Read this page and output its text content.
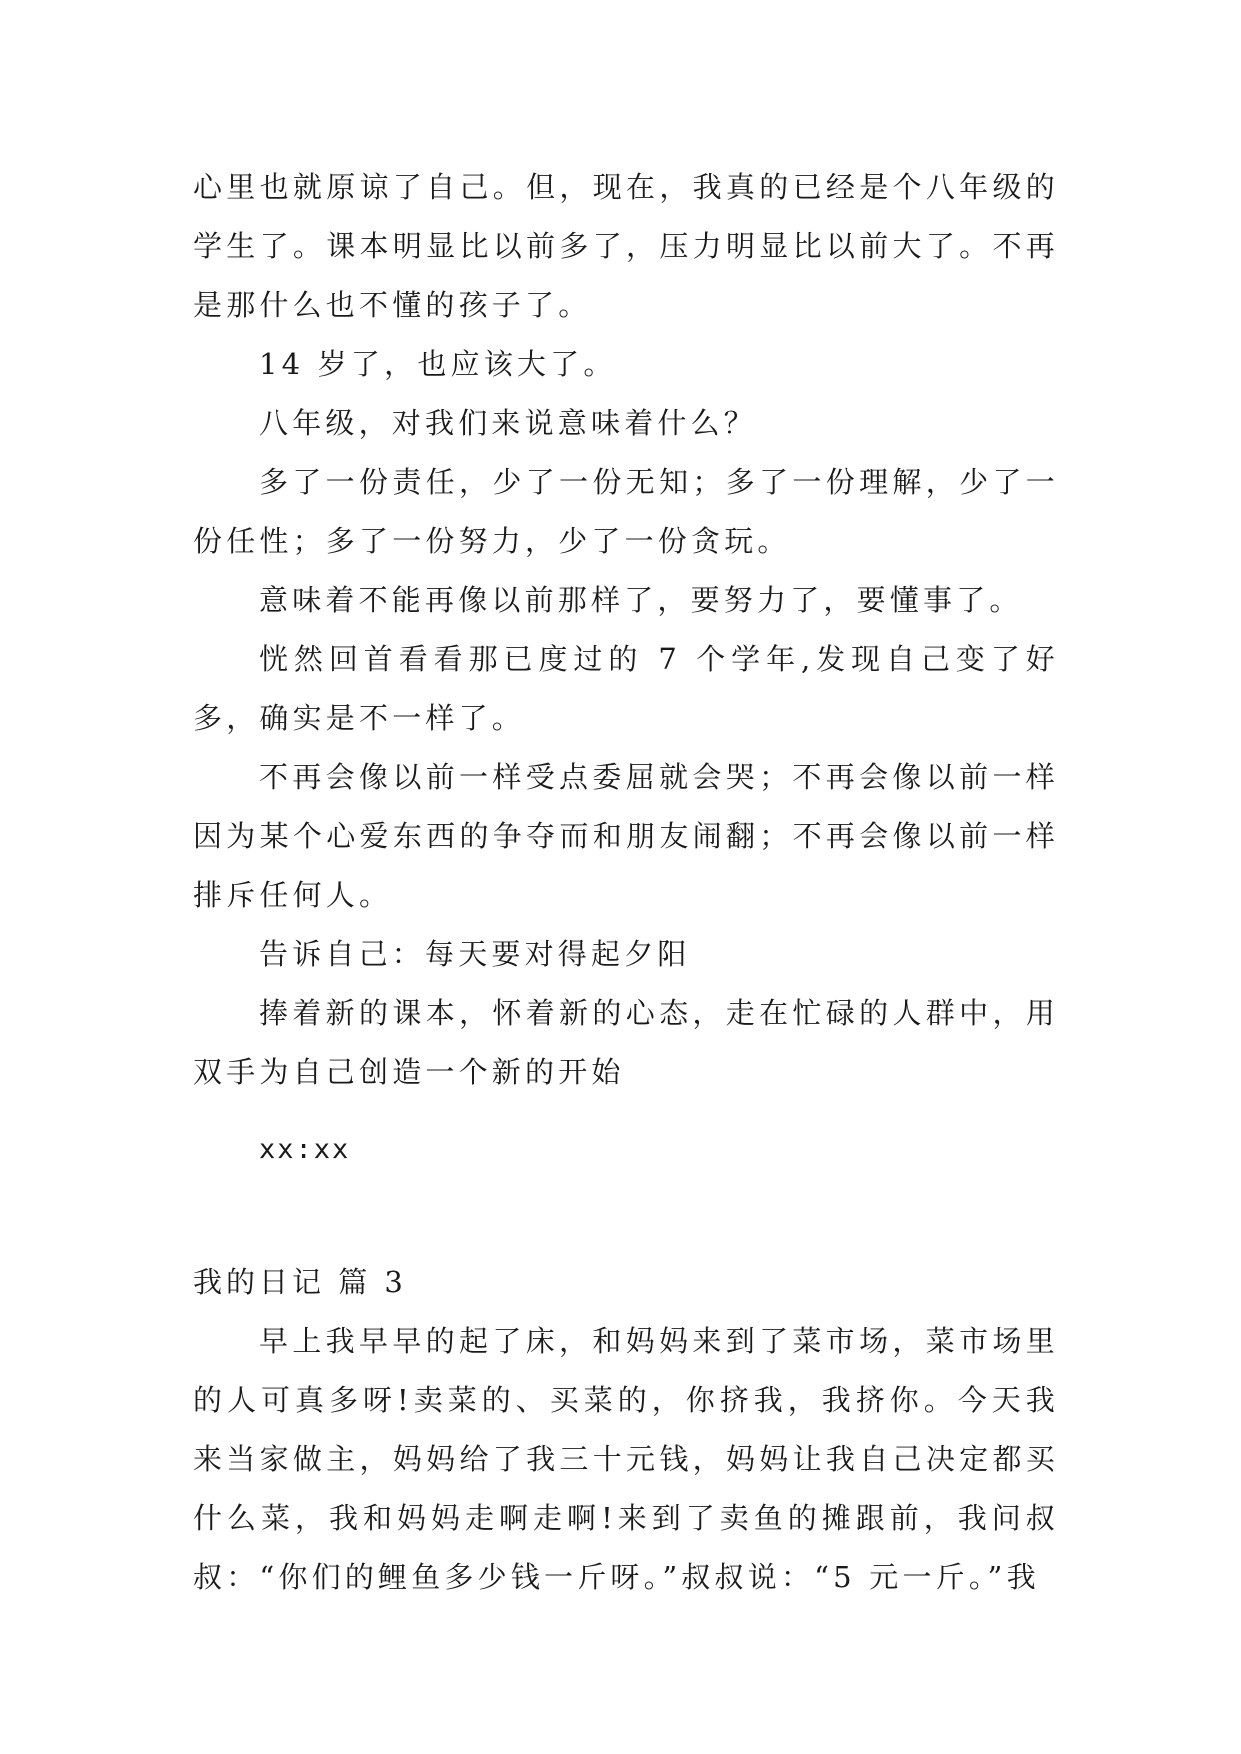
心里也就原谅了自己。但，现在，我真的已经是个八年级的学生了。课本明显比以前多了，压力明显比以前大了。不再是那什么也不懂的孩子了。

14 岁了，也应该大了。

八年级，对我们来说意味着什么？

多了一份责任，少了一份无知；多了一份理解，少了一份任性；多了一份努力，少了一份贪玩。

意味着不能再像以前那样了，要努力了，要懂事了。

恍然回首看看那已度过的 7 个学年,发现自己变了好多，确实是不一样了。

不再会像以前一样受点委屈就会哭；不再会像以前一样因为某个心爱东西的争夺而和朋友闹翻；不再会像以前一样排斥任何人。

告诉自己：每天要对得起夕阳

捧着新的课本，怀着新的心态，走在忙碌的人群中，用双手为自己创造一个新的开始

xx:xx

我的日记 篇 3

早上我早早的起了床，和妈妈来到了菜市场，菜市场里的人可真多呀!卖菜的、买菜的，你挤我，我挤你。今天我来当家做主，妈妈给了我三十元钱，妈妈让我自己决定都买什么菜，我和妈妈走啊走啊!来到了卖鱼的摊跟前，我问叔叔：“你们的鲤鱼多少钱一斤呀。”叔叔说：“5 元一斤。”我
